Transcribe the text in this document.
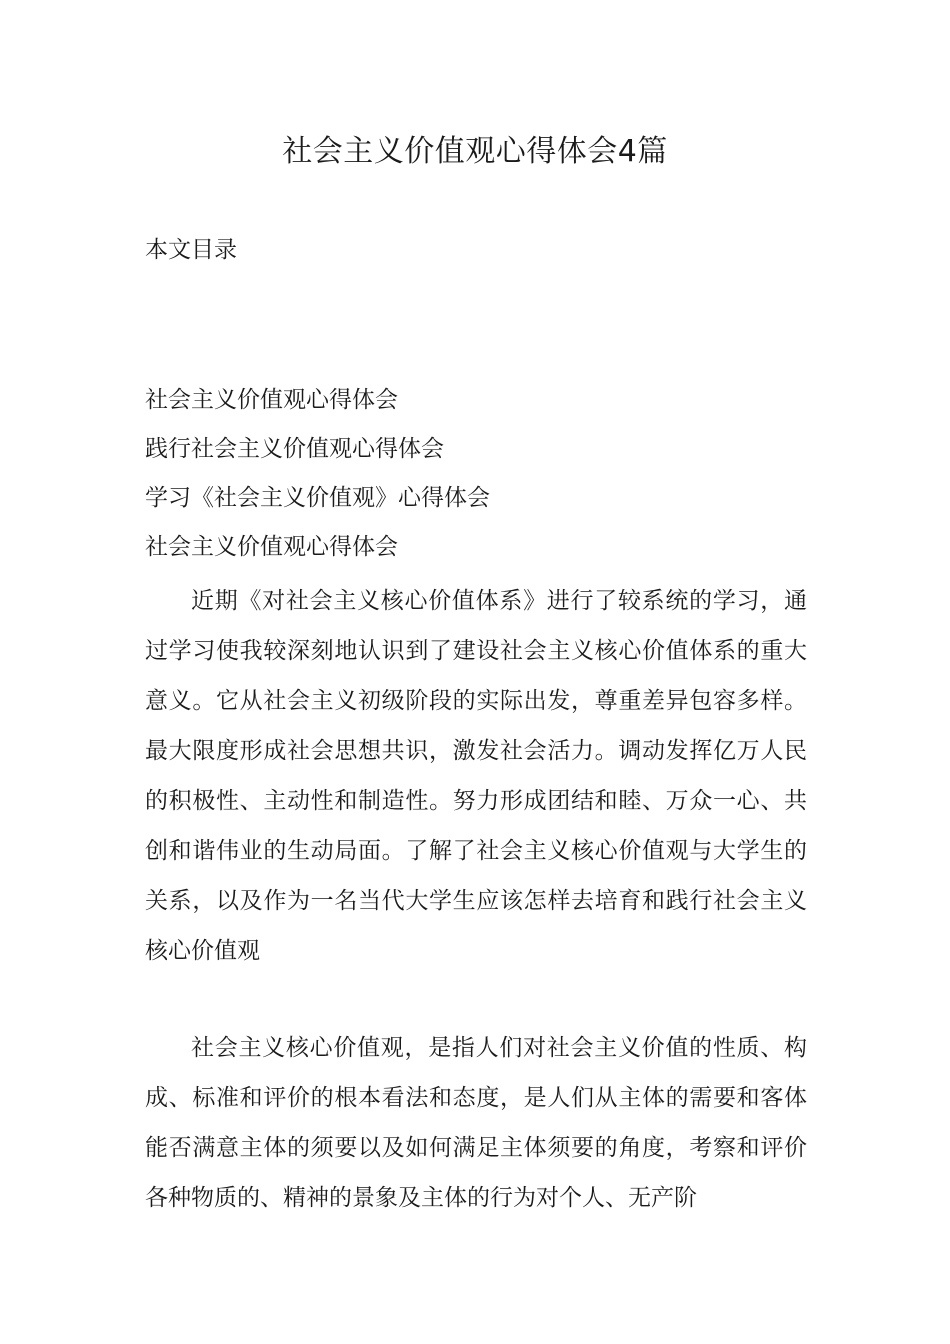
社会主义价值观心得体会4篇
本文目录
社会主义价值观心得体会
践行社会主义价值观心得体会
学习《社会主义价值观》心得体会
社会主义价值观心得体会

近期《对社会主义核心价值体系》进行了较系统的学习，通过学习使我较深刻地认识到了建设社会主义核心价值体系的重大意义。它从社会主义初级阶段的实际出发，尊重差异包容多样。最大限度形成社会思想共识，激发社会活力。调动发挥亿万人民的积极性、主动性和制造性。努力形成团结和睦、万众一心、共创和谐伟业的生动局面。了解了社会主义核心价值观与大学生的关系，以及作为一名当代大学生应该怎样去培育和践行社会主义核心价值观

社会主义核心价值观，是指人们对社会主义价值的性质、构成、标准和评价的根本看法和态度，是人们从主体的需要和客体能否满意主体的须要以及如何满足主体须要的角度，考察和评价各种物质的、精神的景象及主体的行为对个人、无产阶
